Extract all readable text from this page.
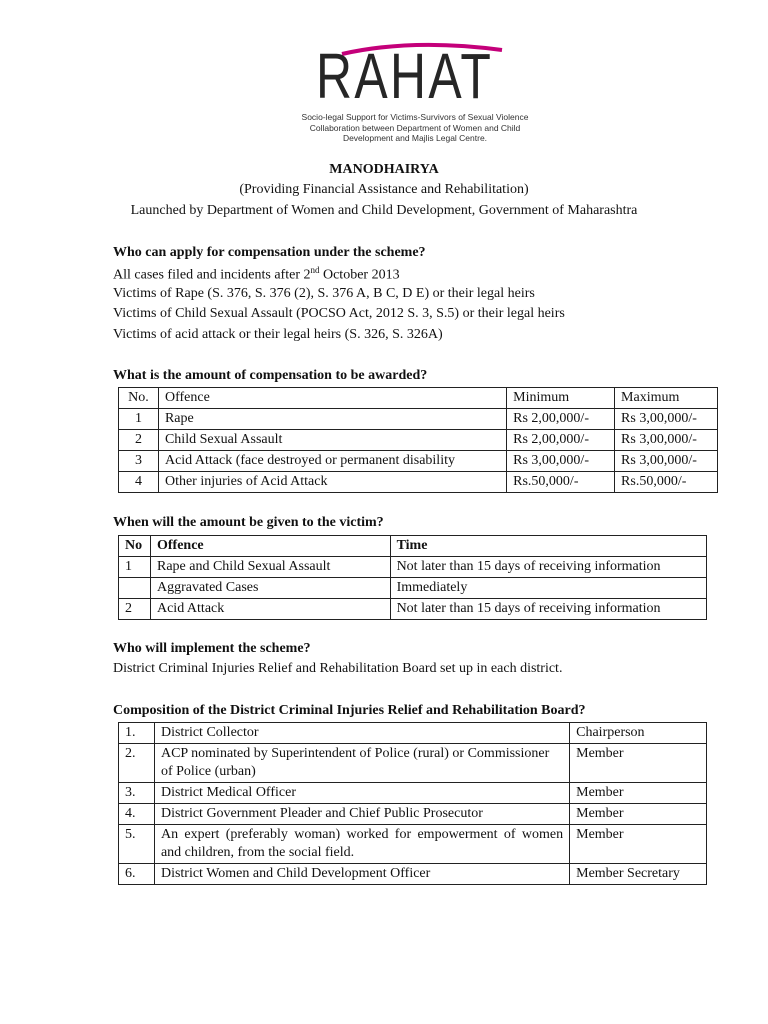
RAHAT
Socio-legal Support for Victims-Survivors of Sexual Violence
Collaboration between Department of Women and Child
Development and Majlis Legal Centre.
MANODHAIRYA
(Providing Financial Assistance and Rehabilitation)
Launched by Department of Women and Child Development, Government of Maharashtra
Who can apply for compensation under the scheme?
All cases filed and incidents after 2nd October 2013
Victims of Rape (S. 376, S. 376 (2), S. 376 A, B C, D E) or their legal heirs
Victims of Child Sexual Assault (POCSO Act, 2012 S. 3, S.5) or their legal heirs
Victims of acid attack or their legal heirs (S. 326, S. 326A)
What is the amount of compensation to be awarded?
No.	Offence	Minimum	Maximum
1	Rape	Rs 2,00,000/-	Rs 3,00,000/-
2	Child Sexual Assault	Rs 2,00,000/-	Rs 3,00,000/-
3	Acid Attack (face destroyed or permanent disability	Rs 3,00,000/-	Rs 3,00,000/-
4	Other injuries of Acid Attack	Rs.50,000/-	Rs.50,000/-
When will the amount be given to the victim?
No	Offence	Time
1	Rape and Child Sexual Assault	Not later than 15 days of receiving information
	Aggravated Cases	Immediately
2	Acid Attack	Not later than 15 days of receiving information
Who will implement the scheme?
District Criminal Injuries Relief and Rehabilitation Board set up in each district.
Composition of the District Criminal Injuries Relief and Rehabilitation Board?
1.	District Collector	Chairperson
2.	ACP nominated by Superintendent of Police (rural) or Commissioner of Police (urban)	Member
3.	District Medical Officer	Member
4.	District Government Pleader and Chief Public Prosecutor	Member
5.	An expert (preferably woman) worked for empowerment of women and children, from the social field.	Member
6.	District Women and Child Development Officer	Member Secretary
